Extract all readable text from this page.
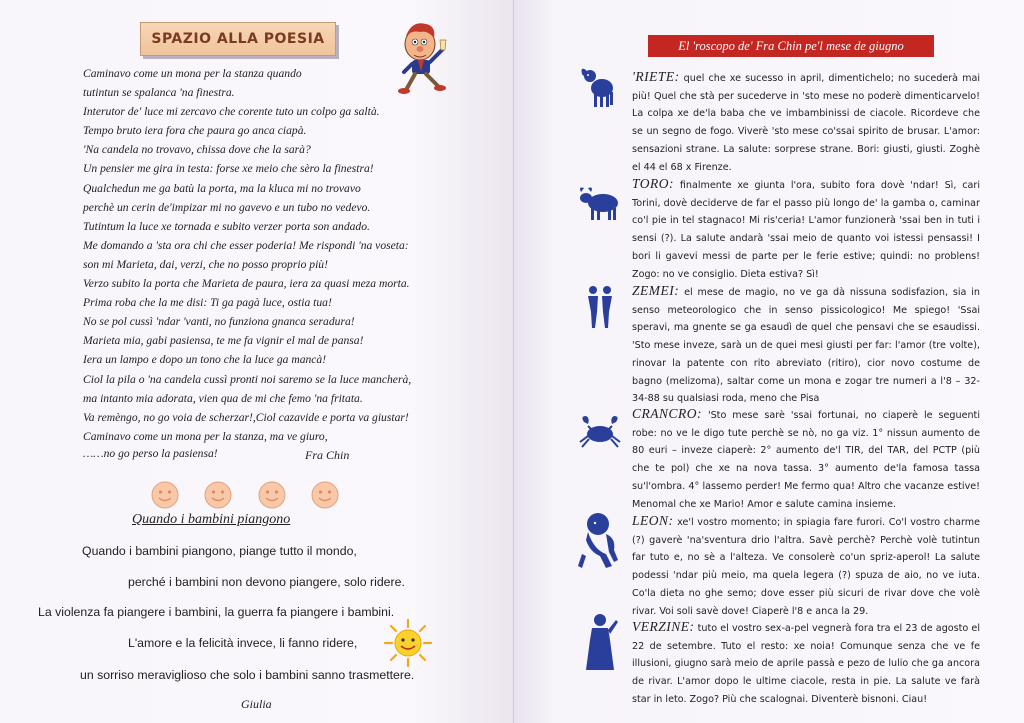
SPAZIO ALLA POESIA
Caminavo come un mona per la stanza quando
tutintun se spalanca 'na finestra.
Interutor de' luce mi zercavo che corente tuto un colpo ga saltà.
Tempo bruto iera fora che paura go anca ciapà.
'Na candela no trovavo, chissa dove che la sarà?
Un pensier me gira in testa: forse xe meio che sèro la finestra!
Qualchedun me ga batù la porta, ma la kluca mi no trovavo
perchè un cerin de'impizar mi no gavevo e un tubo no vedevo.
Tutintum la luce xe tornada e subito verzer porta son andado.
Me domando a 'sta ora chi che esser poderia! Me rispondi 'na voseta:
son mi Marieta, dai, verzi, che no posso proprio più!
Verzo subito la porta che Marieta de paura, iera za quasi meza morta.
Prima roba che la me disi: Ti ga pagà luce, ostia tua!
No se pol cussì 'ndar 'vanti, no funziona gnanca seradura!
Marieta mia, gabi pasiensa, te me fa vignir el mal de pansa!
Iera un lampo e dopo un tono che la luce ga mancà!
Ciol la pila o 'na candela cussì pronti noi saremo se la luce mancherà,
ma intanto mia adorata, vien qua de mi che femo 'na fritata.
Va remèngo, no go voia de scherzar!,Ciol cazavide e porta va giustar!
Caminavo come un mona per la stanza, ma ve giuro,
……no go perso la pasiensa!	Fra Chin
Quando i bambini piangono
Quando i bambini piangono, piange tutto il mondo,
perché i bambini non devono piangere, solo ridere.
La violenza fa piangere i bambini, la guerra fa piangere i bambini.
L'amore e la felicità invece, li fanno ridere,
un sorriso meraviglioso che solo i bambini sanno trasmettere.
Giulia
El 'roscopo de' Fra Chin pe'l mese de giugno
'RIETE: quel che xe sucesso in april, dimentichelo; no sucederà mai più! Quel che stà per sucederve in 'sto mese no poderè dimenticarvelo! La colpa xe de'la baba che ve imbambinissi de ciacole. Ricordeve che se un segno de fogo. Viverè 'sto mese co'ssai spirito de brusar. L'amor: sensazioni strane. La salute: sorprese strane. Bori: giusti, giusti. Zoghè el 44 el 68 x Firenze.
TORO: finalmente xe giunta l'ora, subito fora dovè 'ndar! Sì, cari Torini, dovè deciderve de far el passo più longo de' la gamba o, caminar co'l pie in tel stagnaco! Mi ris'ceria! L'amor funzionerà 'ssai ben in tuti i sensi (?). La salute andarà 'ssai meio de quanto voi istessi pensassi! I bori li gavevi messi de parte per le ferie estive; quindi: no problens! Zogo: no ve consiglio. Dieta estiva? Sì!
ZEMEI: el mese de magio, no ve ga dà nissuna sodisfazion, sia in senso meteorologico che in senso pissicologico! Me spiego! 'Ssai speravi, ma gnente se ga esaudì de quel che pensavi che se esaudissi. 'Sto mese inveze, sarà un de quei mesi giusti per far: l'amor (tre volte), rinovar la patente con rito abreviato (ritiro), cior novo costume de bagno (melizoma), saltar come un mona e zogar tre numeri a l'8 – 32-34-88 su qualsiasi roda, meno che Pisa
CRANCRO: 'Sto mese sarè 'ssai fortunai, no ciaperè le seguenti robe: no ve le digo tute perchè se nò, no ga viz. 1° nissun aumento de 80 euri – inveze ciaperè: 2° aumento de'l TIR, del TAR, del PCTP (più che te pol) che xe na nova tassa. 3° aumento de'la famosa tassa su'l'ombra. 4° lassemo perder! Me fermo qua! Altro che vacanze estive! Menomal che xe Mario! Amor e salute camina insieme.
LEON: xe'l vostro momento; in spiagia fare furori. Co'l vostro charme (?) gaverè 'na'sventura drio l'altra. Savè perchè? Perchè volè tutintun far tuto e, no sè a l'alteza. Ve consolerè co'un spriz-aperol! La salute podessi 'ndar più meio, ma quela legera (?) spuza de aio, no ve iuta. Co'la dieta no ghe semo; dove esser più sicuri de rivar dove che volè rivar. Voi soli savè dove! Ciaperè l'8 e anca la 29.
VERZINE: tuto el vostro sex-a-pel vegnerà fora tra el 23 de agosto el 22 de setembre. Tuto el resto: xe noia! Comunque senza che ve fe illusioni, giugno sarà meio de aprile passà e pezo de lulio che ga ancora de rivar. L'amor dopo le ultime ciacole, resta in pie. La salute ve farà star in leto. Zogo? Più che scalognai. Diventerè bisnoni. Ciau!
